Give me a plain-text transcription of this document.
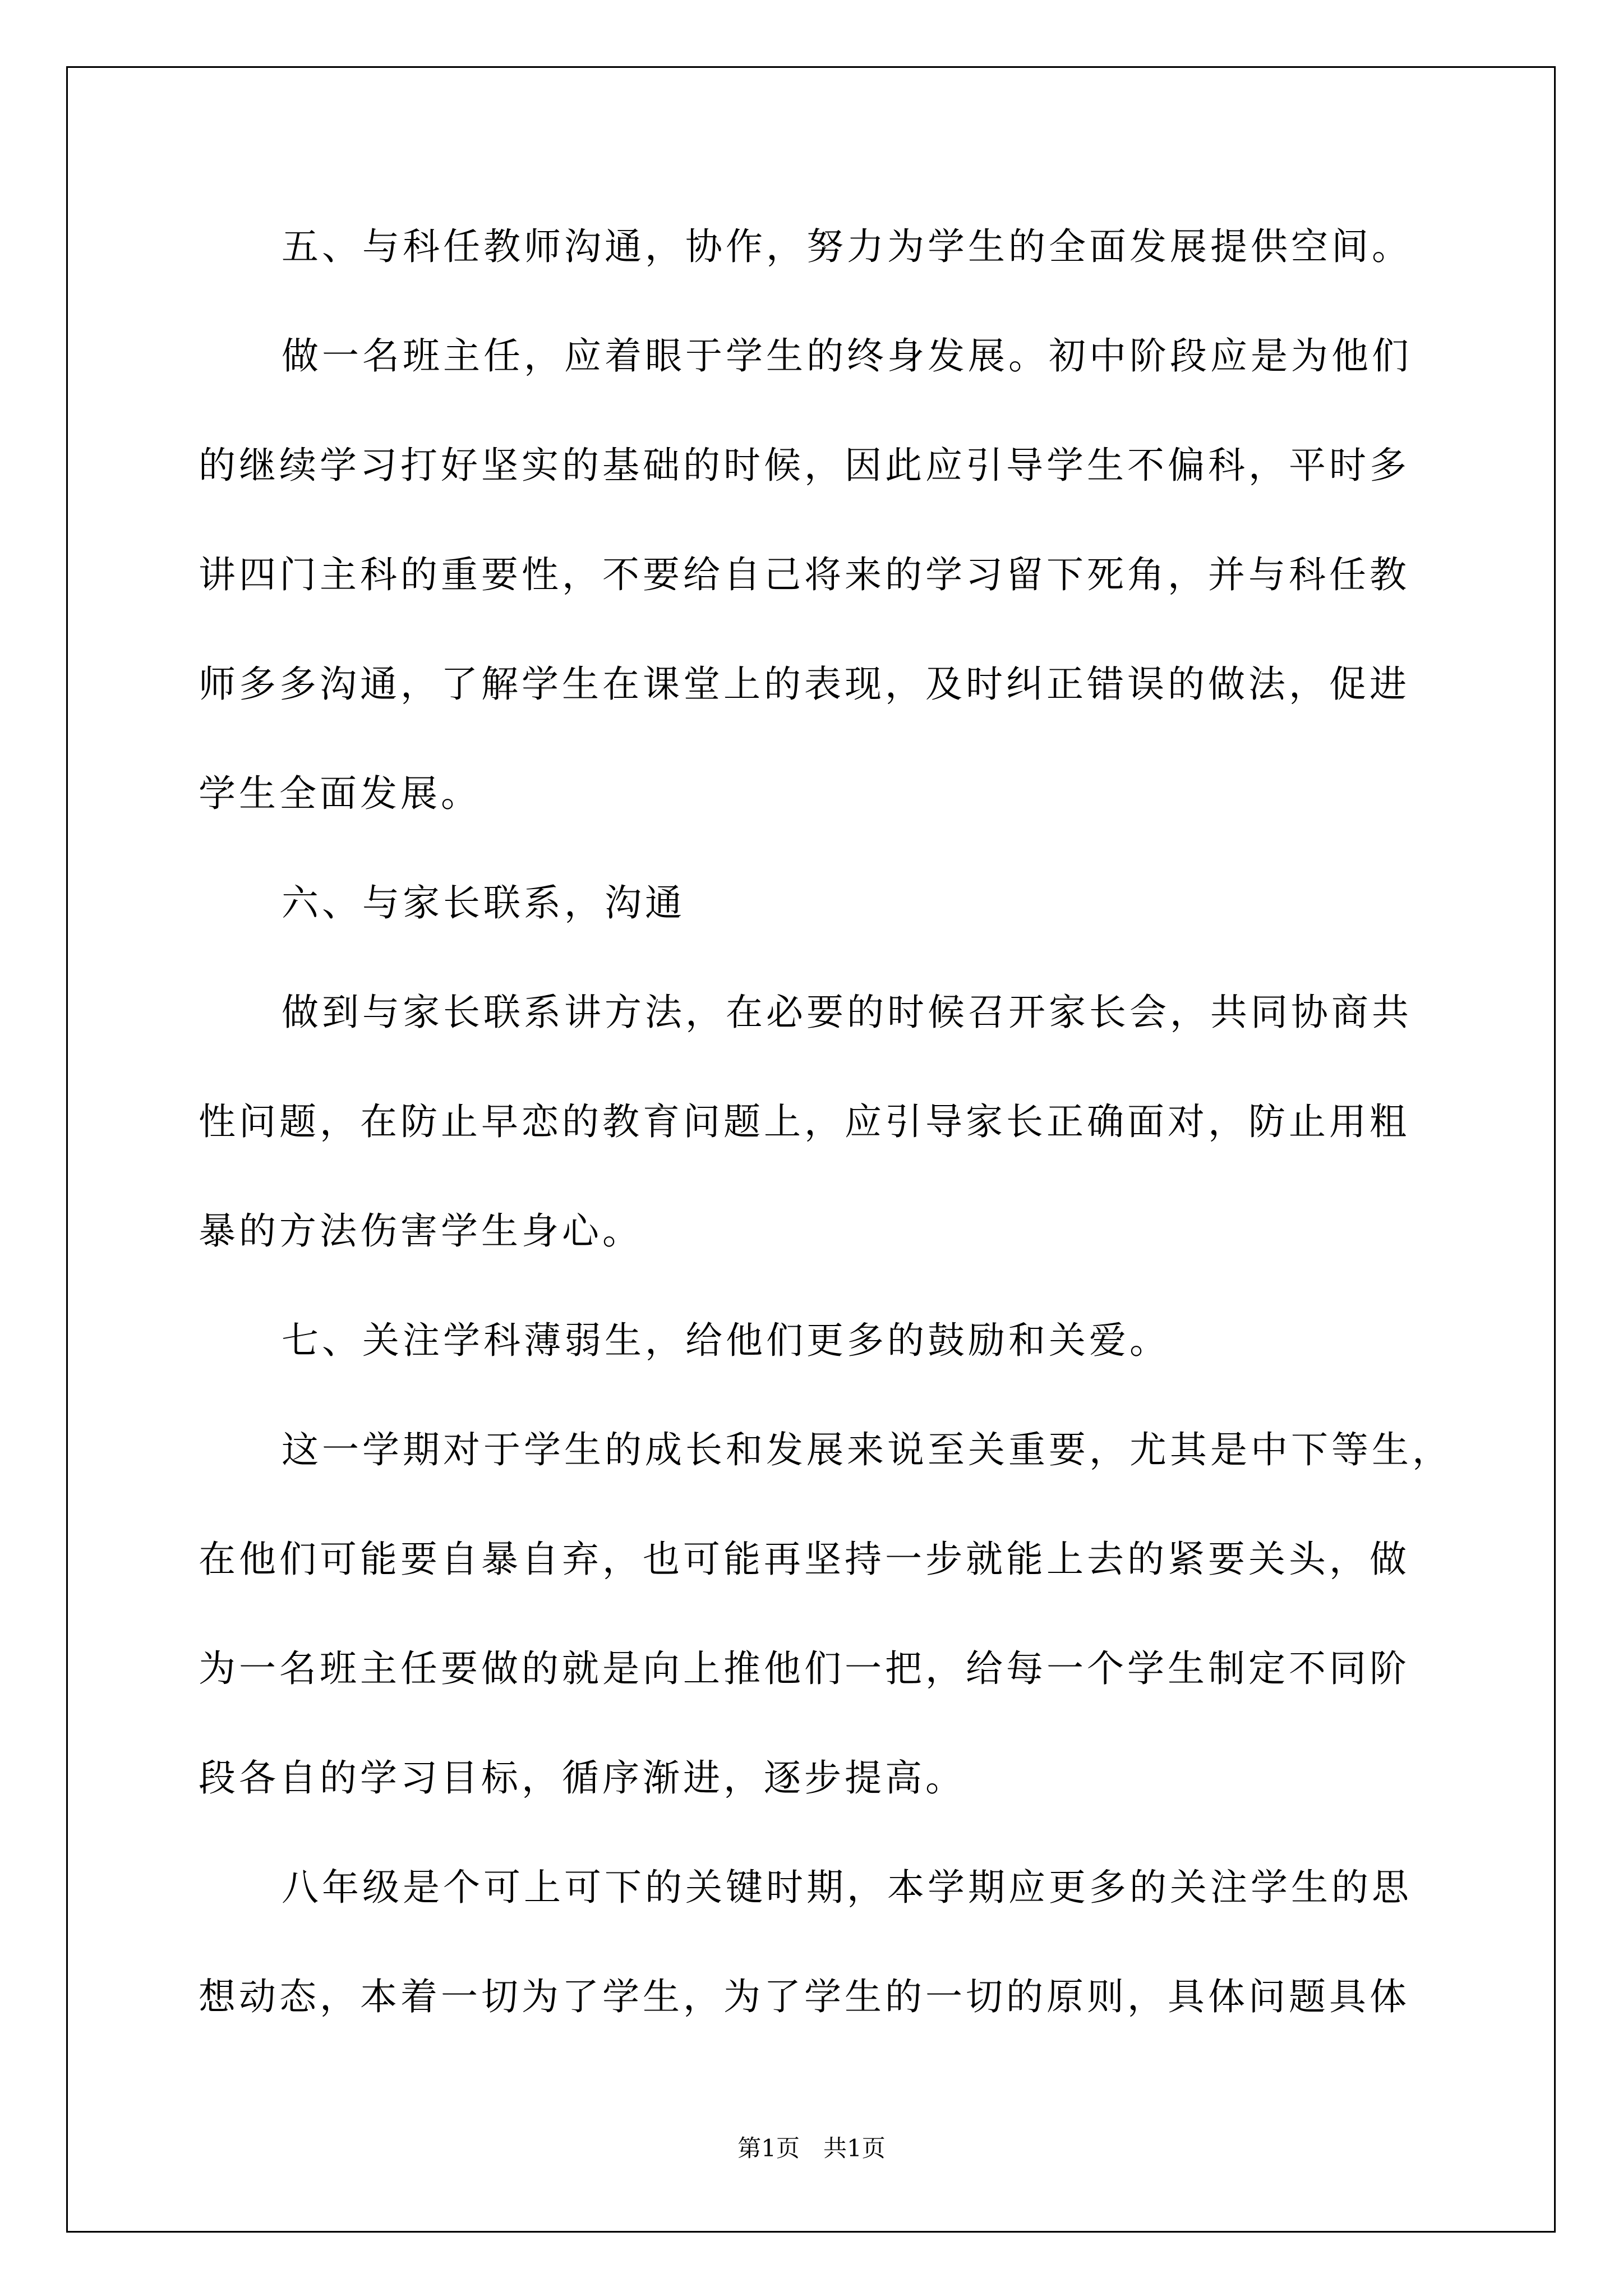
五、与科任教师沟通，协作，努力为学生的全面发展提供空间。
做一名班主任，应着眼于学生的终身发展。初中阶段应是为他们
的继续学习打好坚实的基础的时候，因此应引导学生不偏科，平时多
讲四门主科的重要性，不要给自己将来的学习留下死角，并与科任教
师多多沟通，了解学生在课堂上的表现，及时纠正错误的做法，促进
学生全面发展。
六、与家长联系，沟通
做到与家长联系讲方法，在必要的时候召开家长会，共同协商共
性问题，在防止早恋的教育问题上，应引导家长正确面对，防止用粗
暴的方法伤害学生身心。
七、关注学科薄弱生，给他们更多的鼓励和关爱。
这一学期对于学生的成长和发展来说至关重要，尤其是中下等生，
在他们可能要自暴自弃，也可能再坚持一步就能上去的紧要关头，做
为一名班主任要做的就是向上推他们一把，给每一个学生制定不同阶
段各自的学习目标，循序渐进，逐步提高。
八年级是个可上可下的关键时期，本学期应更多的关注学生的思
想动态，本着一切为了学生，为了学生的一切的原则，具体问题具体
第1页　共1页
